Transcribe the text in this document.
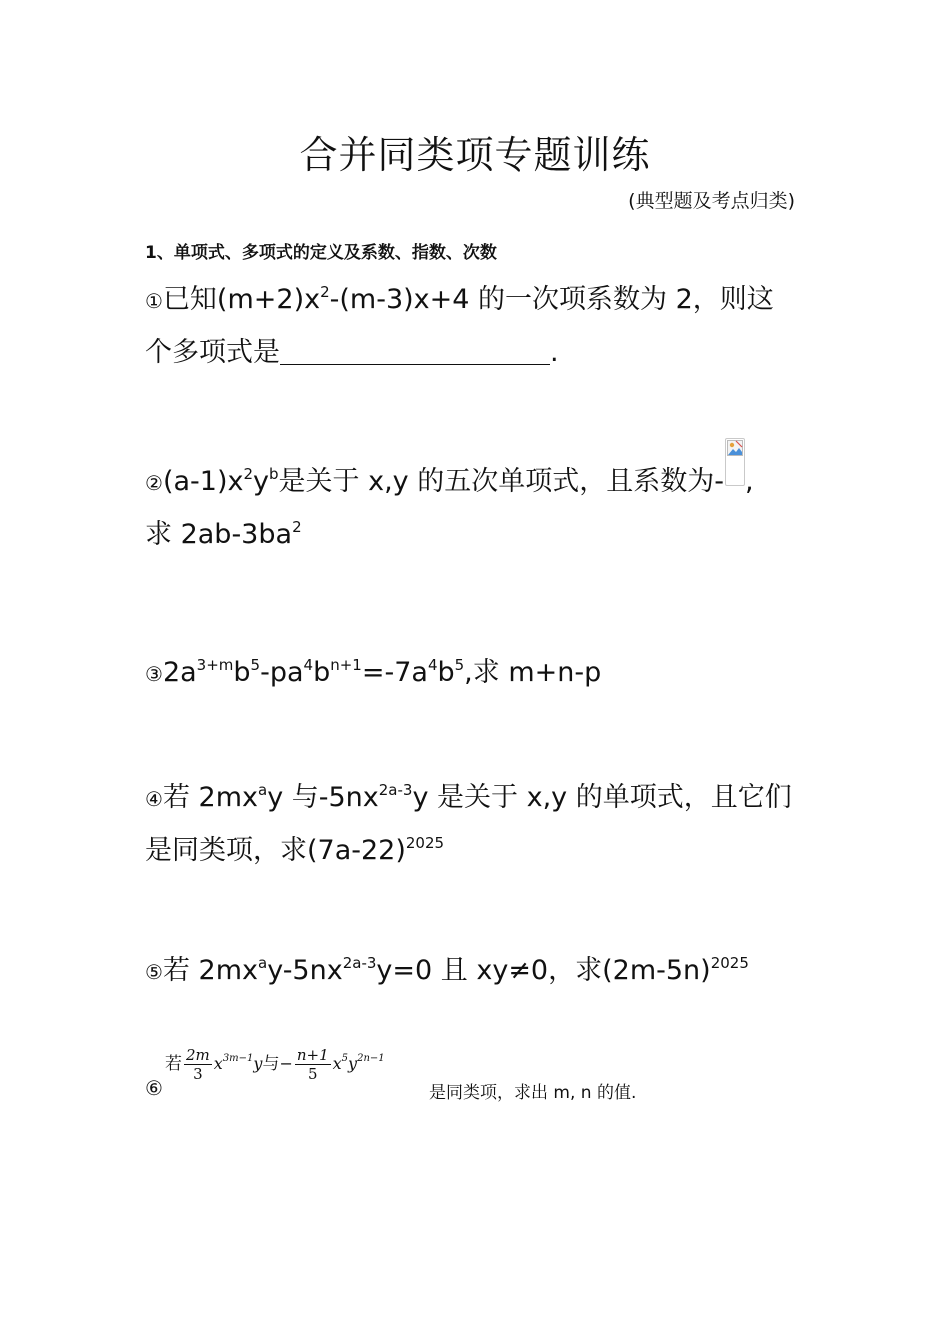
合并同类项专题训练
(典型题及考点归类)
1、单项式、多项式的定义及系数、指数、次数
①已知$(m+2)x^2-(m-3)x+4$ 的一次项系数为 2，则这
个多项式是	.
$②(a-1)x^2y^b$是关于 x,y 的五次单项式，且系数为- ,
求 $2ab-3ba^2$
$③2a^{3+m}b^5-pa^4b^{n+1}=-7a^4b^5$,求 m+n-p
④若 $2mx^ay$ 与$-5nx^{2a-3}y$ 是关于 x,y 的单项式，且它们
是同类项，求$(7a-22)^{2025}$
⑤若 $2mx^ay-5nx^{2a-3}y=0$ 且 xy≠0，求$(2m-5n)^{2025}$
⑥
若 $\frac{2m}{3} x^{3m-1}y$与− $\frac{n+1}{5} x^5y^{2n-1}$
是同类项，求出 m, n 的值.
